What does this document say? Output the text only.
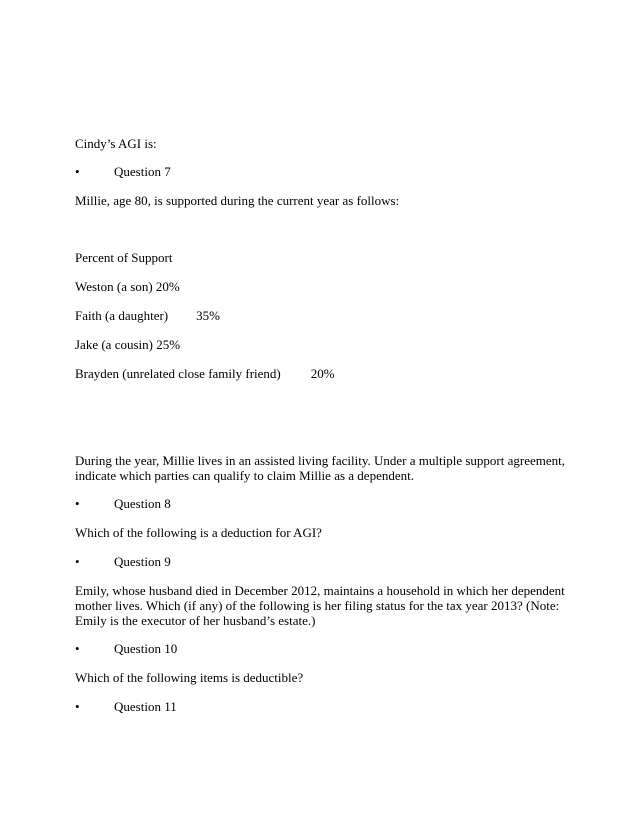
Cindy’s AGI is:
•	Question 7
Millie, age 80, is supported during the current year as follows:
Percent of Support
Weston (a son) 20%
Faith (a daughter) 35%
Jake (a cousin) 25%
Brayden (unrelated close family friend) 20%
During the year, Millie lives in an assisted living facility. Under a multiple support agreement, indicate which parties can qualify to claim Millie as a dependent.
•	Question 8
Which of the following is a deduction for AGI?
•	Question 9
Emily, whose husband died in December 2012, maintains a household in which her dependent mother lives. Which (if any) of the following is her filing status for the tax year 2013? (Note: Emily is the executor of her husband’s estate.)
•	Question 10
Which of the following items is deductible?
•	Question 11
